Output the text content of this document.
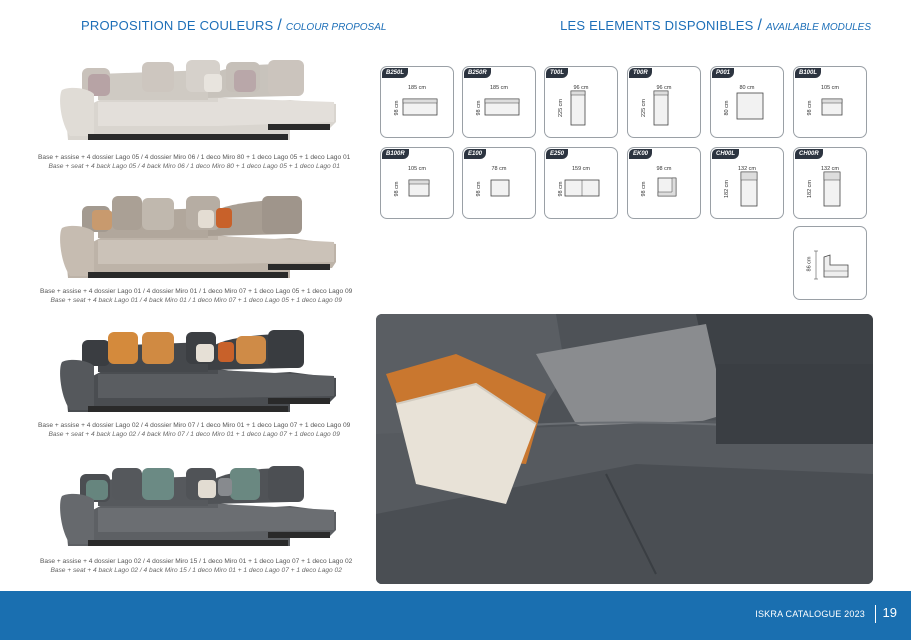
PROPOSITION DE COULEURS / COLOUR PROPOSAL	LES ELEMENTS DISPONIBLES / AVAILABLE MODULES
Base + assise + 4 dossier Lago 05 / 4 dossier Miro 06 / 1 deco Miro 80 + 1 deco Lago 05 + 1 deco Lago 01
Base + seat + 4 back Lago 05 / 4 back Miro 06 / 1 deco Miro 80 + 1 deco Lago 05 + 1 deco Lago 01
Base + assise + 4 dossier Lago 01 / 4 dossier Miro 01 / 1 deco Miro 07 + 1 deco Lago 05 + 1 deco Lago 09
Base + seat + 4 back Lago 01 / 4 back Miro 01 / 1 deco Miro 07 + 1 deco Lago 05 + 1 deco Lago 09
Base + assise + 4 dossier Lago 02 / 4 dossier Miro 07 / 1 deco Miro 01 + 1 deco Lago 07 + 1 deco Lago 09
Base + seat + 4 back Lago 02 / 4 back Miro 07 / 1 deco Miro 01 + 1 deco Lago 07 + 1 deco Lago 09
Base + assise + 4 dossier Lago 02 / 4 dossier Miro 15 / 1 deco Miro 01 + 1 deco Lago 07 + 1 deco Lago 02
Base + seat + 4 back Lago 02 / 4 back Miro 15 / 1 deco Miro 01 + 1 deco Lago 07 + 1 deco Lago 02
B250L
185 cm
98 cm
B250R
185 cm
98 cm
T00L
96 cm
225 cm
T00R
96 cm
225 cm
P001
80 cm
80 cm
B100L
105 cm
98 cm
B100R
105 cm
98 cm
E100
78 cm
98 cm
E250
159 cm
98 cm
EK00
98 cm
98 cm
CH00L
132 cm
182 cm
CH00R
132 cm
182 cm
86 cm
ISKRA CATALOGUE 2023 19
